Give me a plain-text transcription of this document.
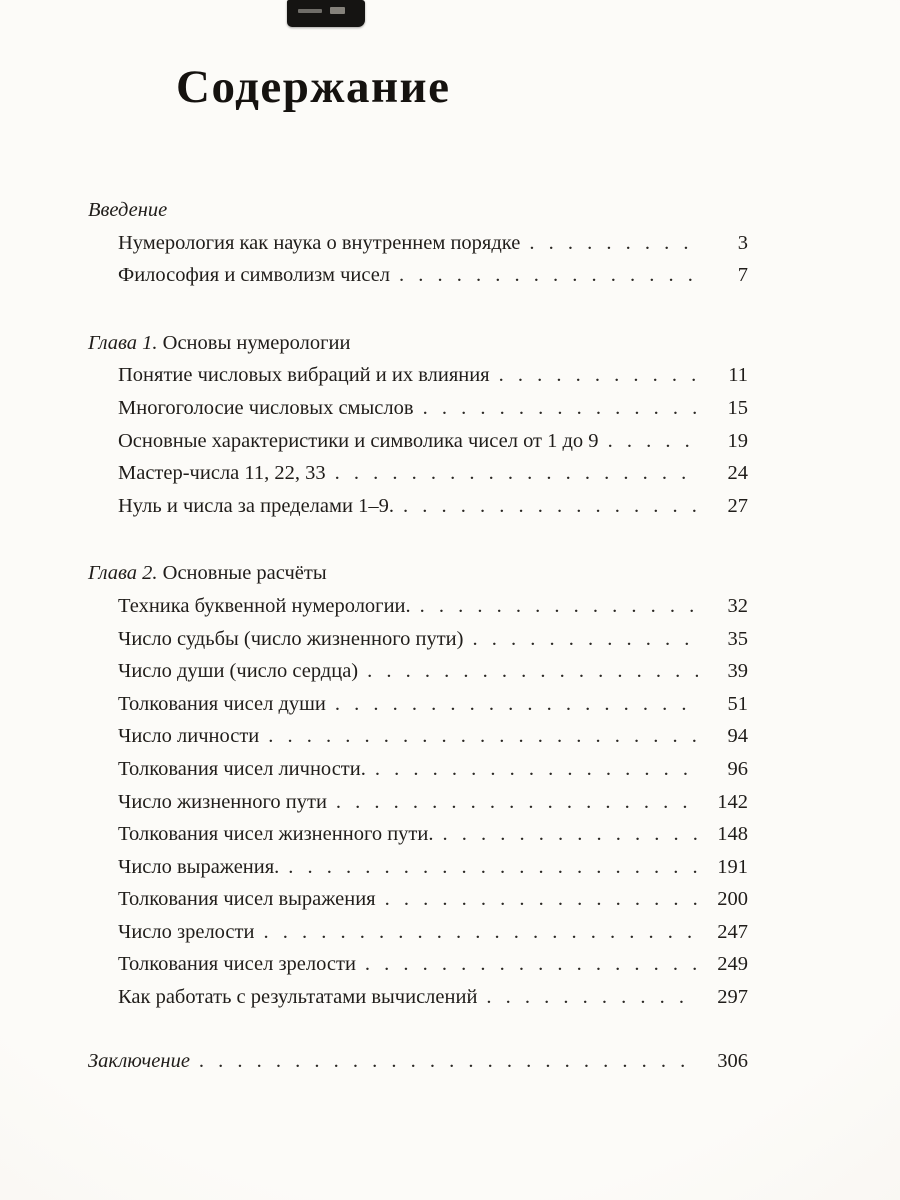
Содержание
Введение
Нумерология как наука о внутреннем порядке . . .	3
Философия и символизм чисел . . .	7
Глава 1. Основы нумерологии
Понятие числовых вибраций и их влияния . . .	11
Многоголосие числовых смыслов . . .	15
Основные характеристики и символика чисел от 1 до 9 . . .	19
Мастер-числа 11, 22, 33 . . .	24
Нуль и числа за пределами 1–9. . . .	27
Глава 2. Основные расчёты
Техника буквенной нумерологии. . . .	32
Число судьбы (число жизненного пути) . . .	35
Число души (число сердца) . . .	39
Толкования чисел души . . .	51
Число личности . . .	94
Толкования чисел личности. . . .	96
Число жизненного пути . . .	142
Толкования чисел жизненного пути. . . .	148
Число выражения. . . .	191
Толкования чисел выражения . . .	200
Число зрелости . . .	247
Толкования чисел зрелости . . .	249
Как работать с результатами вычислений . . .	297
Заключение . . .	306
